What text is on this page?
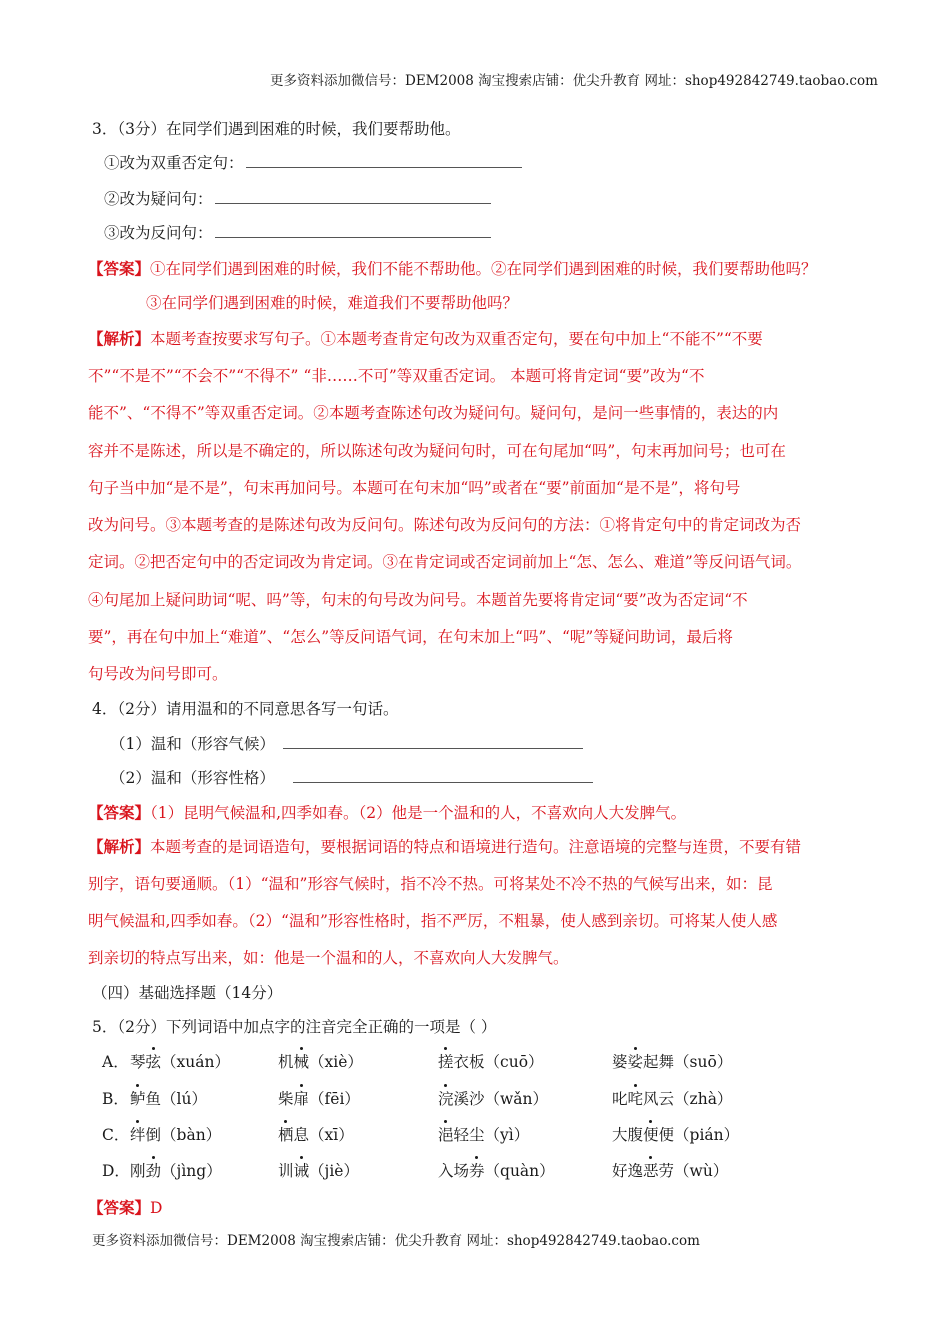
更多资料添加微信号：DEM2008 淘宝搜索店铺：优尖升教育 网址：shop492842749.taobao.com
3．（3分）在同学们遇到困难的时候，我们要帮助他。
①改为双重否定句：
②改为疑问句：
③改为反问句：
【答案】①在同学们遇到困难的时候，我们不能不帮助他。②在同学们遇到困难的时候，我们要帮助他吗？
③在同学们遇到困难的时候，难道我们不要帮助他吗？
【解析】本题考查按要求写句子。①本题考查肯定句改为双重否定句，要在句中加上“不能不”“不要
不”“不是不”“不会不”“不得不” “非……不可”等双重否定词。 本题可将肯定词“要”改为“不
能不”、“不得不”等双重否定词。②本题考查陈述句改为疑问句。疑问句，是问一些事情的，表达的内
容并不是陈述，所以是不确定的，所以陈述句改为疑问句时，可在句尾加“吗”，句末再加问号；也可在
句子当中加“是不是”，句末再加问号。本题可在句末加“吗”或者在“要”前面加“是不是”，将句号
改为问号。③本题考查的是陈述句改为反问句。陈述句改为反问句的方法：①将肯定句中的肯定词改为否
定词。②把否定句中的否定词改为肯定词。③在肯定词或否定词前加上“怎、怎么、难道”等反问语气词。
④句尾加上疑问助词“呢、吗”等，句末的句号改为问号。本题首先要将肯定词“要”改为否定词“不
要”，再在句中加上“难道”、“怎么”等反问语气词，在句末加上“吗”、“呢”等疑问助词，最后将
句号改为问号即可。
4．（2分）请用温和的不同意思各写一句话。
（1）温和（形容气候）
（2）温和（形容性格）
【答案】（1）昆明气候温和,四季如春。（2）他是一个温和的人，不喜欢向人大发脾气。
【解析】本题考查的是词语造句，要根据词语的特点和语境进行造句。注意语境的完整与连贯，不要有错
别字，语句要通顺。（1）“温和”形容气候时，指不冷不热。可将某处不冷不热的气候写出来，如：昆
明气候温和,四季如春。（2）“温和”形容性格时，指不严厉，不粗暴，使人感到亲切。可将某人使人感
到亲切的特点写出来，如：他是一个温和的人，不喜欢向人大发脾气。
（四）基础选择题（14分）
5．（2分）下列词语中加点字的注音完全正确的一项是（ ）
A． 琴弦（xuán）	机械（xiè）	搓衣板（cuō）	婆娑起舞（suō）
B． 鲈鱼（lú）	柴扉（fēi）	浣溪沙（wǎn）	叱咤风云（zhà）
C． 绊倒（bàn）	栖息（xī）	浥轻尘（yì）	大腹便便（pián）
D． 刚劲（jìng）	训诫（jiè）	入场券（quàn）	好逸恶劳（wù）
【答案】D
更多资料添加微信号：DEM2008 淘宝搜索店铺：优尖升教育 网址：shop492842749.taobao.com
